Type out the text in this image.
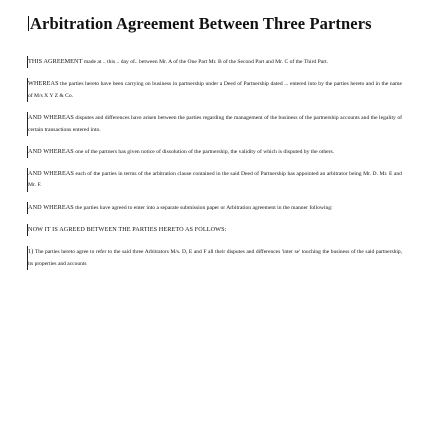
Arbitration Agreement Between Three Partners

THIS AGREEMENT made at .. this .. day of.. between Mr. A of the One Part Mr. B of the Second Part and Mr. C of the Third Part.

WHEREAS the parties hereto have been carrying on business in partnership under a Deed of Partnership dated ... entered into by the parties hereto and in the name of M/s X Y Z & Co.

AND WHEREAS disputes and differences have arisen between the parties regarding the management of the business of the partnership accounts and the legality of certain transactions entered into.

AND WHEREAS one of the partners has given notice of dissolution of the partnership, the validity of which is disputed by the others.

AND WHEREAS each of the parties in terms of the arbitration clause contained in the said Deed of Partnership has appointed an arbitrator being Mr. D. Mr. E and Mr. F.

AND WHEREAS the parties have agreed to enter into a separate submission paper or Arbitration agreement in the manner following:

NOW IT IS AGREED BETWEEN THE PARTIES HERETO AS FOLLOWS:

1) The parties hereto agree to refer to the said three Arbitrators M/s. D, E and F all their disputes and differences 'inter se' touching the business of the said partnership, its properties and accounts
